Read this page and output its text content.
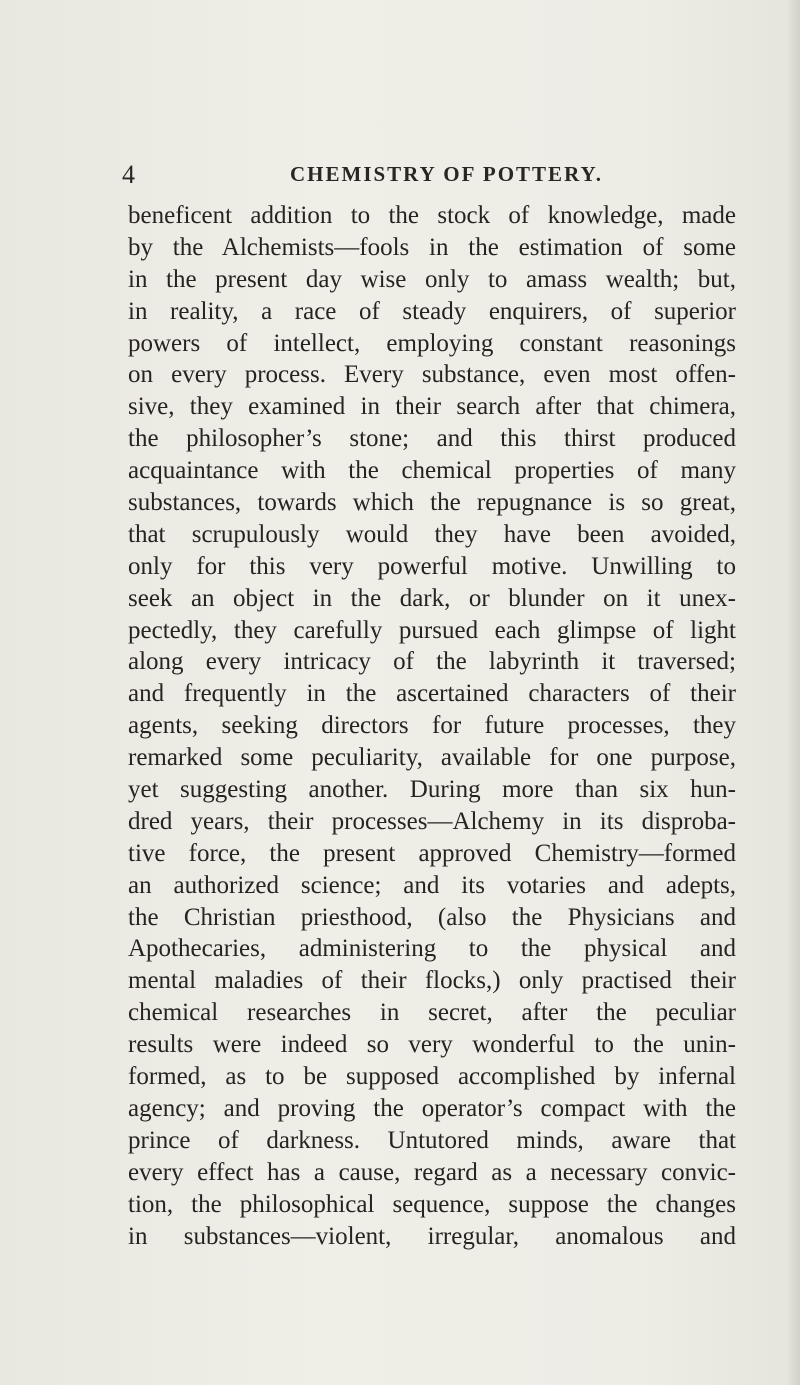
4	CHEMISTRY OF POTTERY.
beneficent addition to the stock of knowledge, made
by the Alchemists—fools in the estimation of some
in the present day wise only to amass wealth; but,
in reality, a race of steady enquirers, of superior
powers of intellect, employing constant reasonings
on every process. Every substance, even most offen-
sive, they examined in their search after that chimera,
the philosopher’s stone; and this thirst produced
acquaintance with the chemical properties of many
substances, towards which the repugnance is so great,
that scrupulously would they have been avoided,
only for this very powerful motive. Unwilling to
seek an object in the dark, or blunder on it unex-
pectedly, they carefully pursued each glimpse of light
along every intricacy of the labyrinth it traversed;
and frequently in the ascertained characters of their
agents, seeking directors for future processes, they
remarked some peculiarity, available for one purpose,
yet suggesting another. During more than six hun-
dred years, their processes—Alchemy in its disproba-
tive force, the present approved Chemistry—formed
an authorized science; and its votaries and adepts,
the Christian priesthood, (also the Physicians and
Apothecaries, administering to the physical and
mental maladies of their flocks,) only practised their
chemical researches in secret, after the peculiar
results were indeed so very wonderful to the unin-
formed, as to be supposed accomplished by infernal
agency; and proving the operator’s compact with the
prince of darkness. Untutored minds, aware that
every effect has a cause, regard as a necessary convic-
tion, the philosophical sequence, suppose the changes
in substances—violent, irregular, anomalous and
